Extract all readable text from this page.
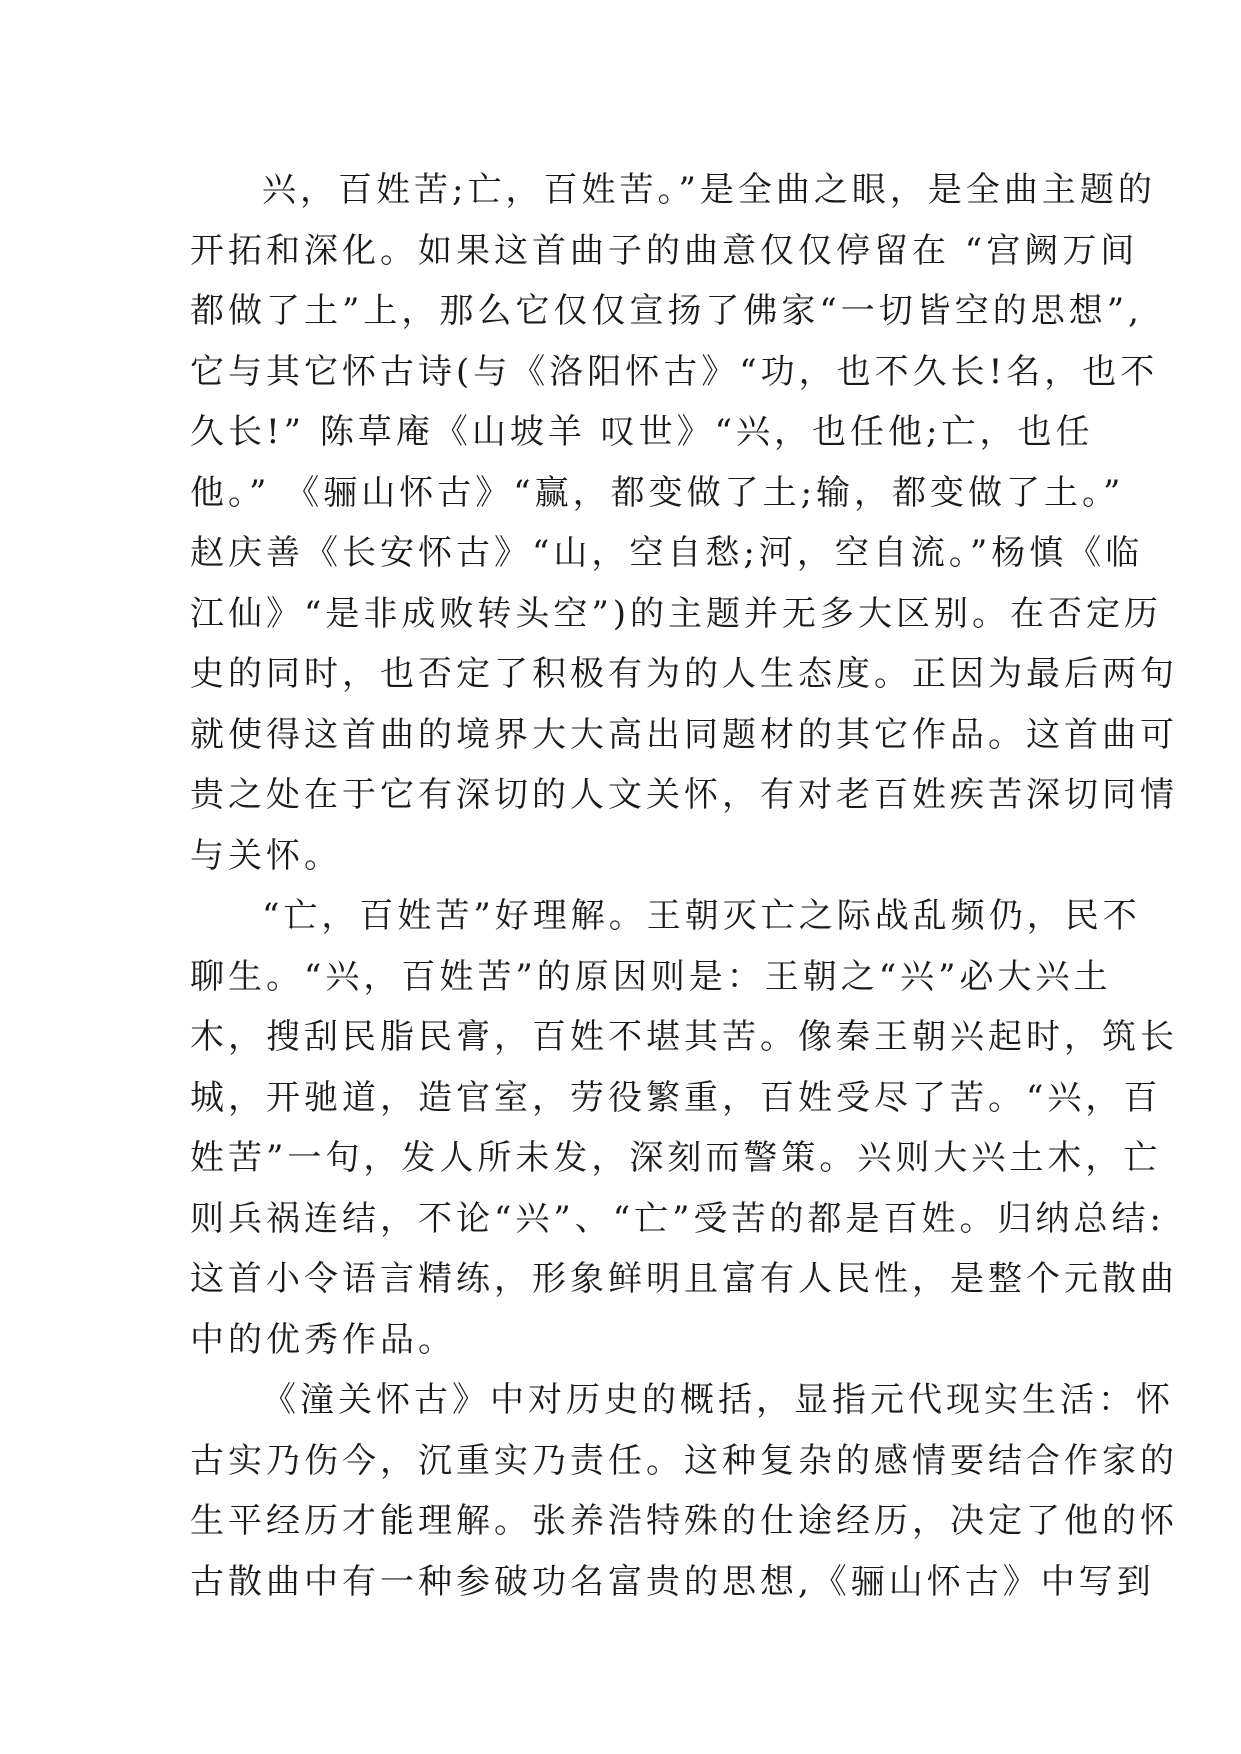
兴，百姓苦;亡，百姓苦。”是全曲之眼，是全曲主题的
开拓和深化。如果这首曲子的曲意仅仅停留在 “宫阙万间
都做了土”上，那么它仅仅宣扬了佛家“一切皆空的思想”,
它与其它怀古诗(与《洛阳怀古》“功，也不久长!名，也不
久长!” 陈草庵《山坡羊 叹世》“兴，也任他;亡，也任
他。” 《骊山怀古》“赢，都变做了土;输，都变做了土。”
赵庆善《长安怀古》“山，空自愁;河，空自流。”杨慎《临
江仙》“是非成败转头空”)的主题并无多大区别。在否定历
史的同时，也否定了积极有为的人生态度。正因为最后两句
就使得这首曲的境界大大高出同题材的其它作品。这首曲可
贵之处在于它有深切的人文关怀，有对老百姓疾苦深切同情
与关怀。
“亡，百姓苦”好理解。王朝灭亡之际战乱频仍，民不
聊生。“兴，百姓苦”的原因则是：王朝之“兴”必大兴土
木，搜刮民脂民膏，百姓不堪其苦。像秦王朝兴起时，筑长
城，开驰道，造官室，劳役繁重，百姓受尽了苦。“兴，百
姓苦”一句，发人所未发，深刻而警策。兴则大兴土木，亡
则兵祸连结，不论“兴”、“亡”受苦的都是百姓。归纳总结:
这首小令语言精练，形象鲜明且富有人民性，是整个元散曲
中的优秀作品。
《潼关怀古》中对历史的概括，显指元代现实生活：怀
古实乃伤今，沉重实乃责任。这种复杂的感情要结合作家的
生平经历才能理解。张养浩特殊的仕途经历，决定了他的怀
古散曲中有一种参破功名富贵的思想,《骊山怀古》中写到
